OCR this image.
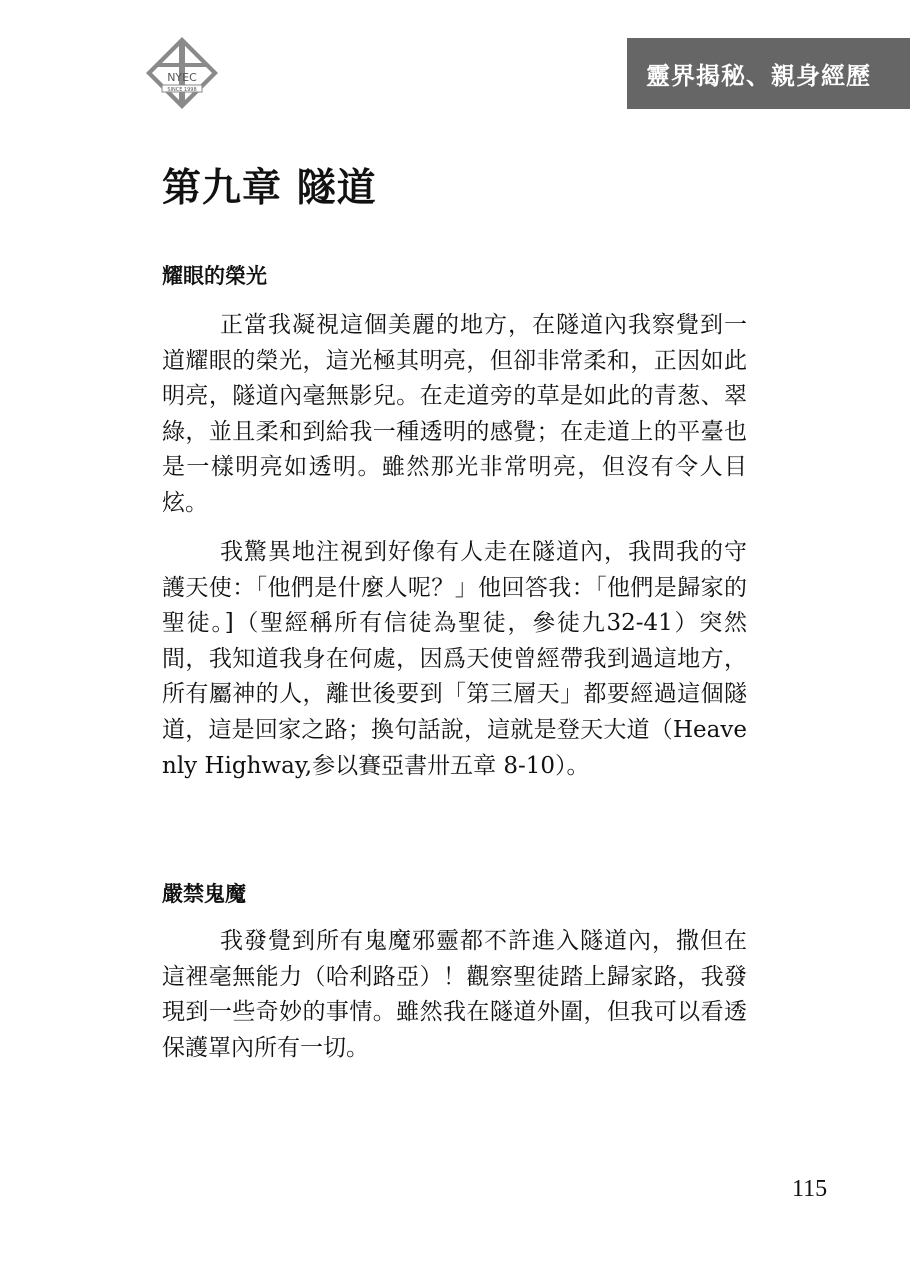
NYEC
SINCE 1998	靈界揭秘、親身經歷
第九章 隧道
耀眼的榮光

正當我凝視這個美麗的地方，在隧道內我察覺到一道耀眼的榮光，這光極其明亮，但卻非常柔和，正因如此明亮，隧道內毫無影兒。在走道旁的草是如此的青葱、翠綠，並且柔和到給我一種透明的感覺；在走道上的平臺也是一樣明亮如透明。雖然那光非常明亮，但沒有令人目炫。

我驚異地注視到好像有人走在隧道內，我問我的守護天使：「他們是什麼人呢？」他回答我：「他們是歸家的聖徒。]（聖經稱所有信徒為聖徒，參徒九32-41）突然間，我知道我身在何處，因爲天使曾經帶我到過這地方，所有屬神的人，離世後要到「第三層天」都要經過這個隧道，這是回家之路；換句話說，這就是登天大道（Heavenly Highway,参以賽亞書卅五章 8-10）。

嚴禁鬼魔

我發覺到所有鬼魔邪靈都不許進入隧道內，撒但在這裡毫無能力（哈利路亞）！觀察聖徒踏上歸家路，我發現到一些奇妙的事情。雖然我在隧道外圍，但我可以看透保護罩內所有一切。

115
